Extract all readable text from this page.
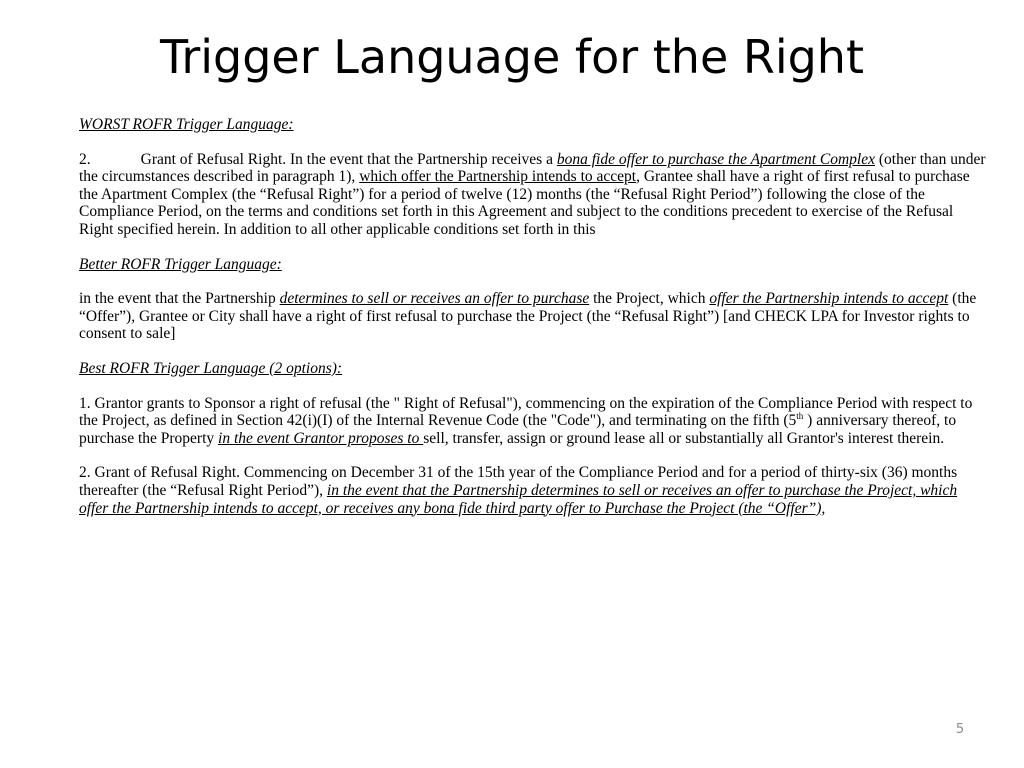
Trigger Language for the Right

WORST ROFR Trigger Language:

2.	Grant of Refusal Right. In the event that the Partnership receives a bona fide offer to purchase the Apartment Complex (other than under the circumstances described in paragraph 1), which offer the Partnership intends to accept, Grantee shall have a right of first refusal to purchase the Apartment Complex (the “Refusal Right”) for a period of twelve (12) months (the “Refusal Right Period”) following the close of the Compliance Period, on the terms and conditions set forth in this Agreement and subject to the conditions precedent to exercise of the Refusal Right specified herein. In addition to all other applicable conditions set forth in this

Better ROFR Trigger Language:

in the event that the Partnership determines to sell or receives an offer to purchase the Project, which offer the Partnership intends to accept (the “Offer”), Grantee or City shall have a right of first refusal to purchase the Project (the “Refusal Right”) [and CHECK LPA for Investor rights to consent to sale]

Best ROFR Trigger Language (2 options):

1. Grantor grants to Sponsor a right of refusal (the " Right of Refusal"), commencing on the expiration of the Compliance Period with respect to the Project, as defined in Section 42(i)(I) of the Internal Revenue Code (the "Code"), and terminating on the fifth (5th ) anniversary thereof, to purchase the Property in the event Grantor proposes to sell, transfer, assign or ground lease all or substantially all Grantor's interest therein.

2. Grant of Refusal Right. Commencing on December 31 of the 15th year of the Compliance Period and for a period of thirty-six (36) months thereafter (the “Refusal Right Period”), in the event that the Partnership determines to sell or receives an offer to purchase the Project, which offer the Partnership intends to accept, or receives any bona fide third party offer to Purchase the Project (the “Offer”),

5
